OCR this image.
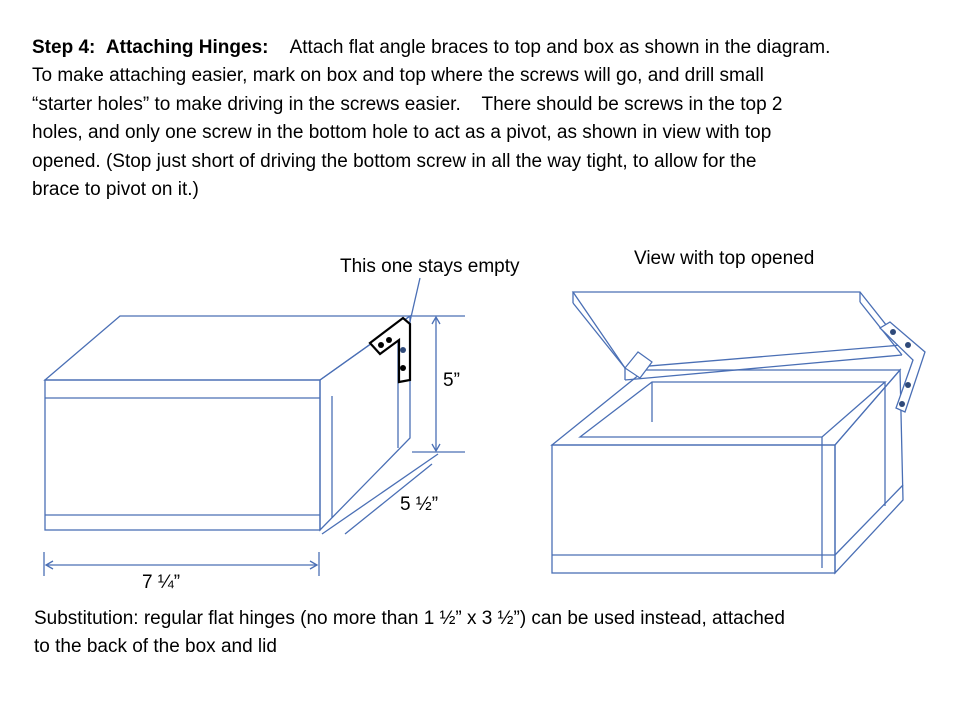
Step 4: Attaching Hinges: Attach flat angle braces to top and box as shown in the diagram.
To make attaching easier, mark on box and top where the screws will go, and drill small
“starter holes” to make driving in the screws easier.    There should be screws in the top 2
holes, and only one screw in the bottom hole to act as a pivot, as shown in view with top
opened. (Stop just short of driving the bottom screw in all the way tight, to allow for the
brace to pivot on it.)
This one stays empty	View with top opened
5”
5 ½”
7 ¼”
Substitution: regular flat hinges (no more than 1 ½” x 3 ½”) can be used instead, attached
to the back of the box and lid
